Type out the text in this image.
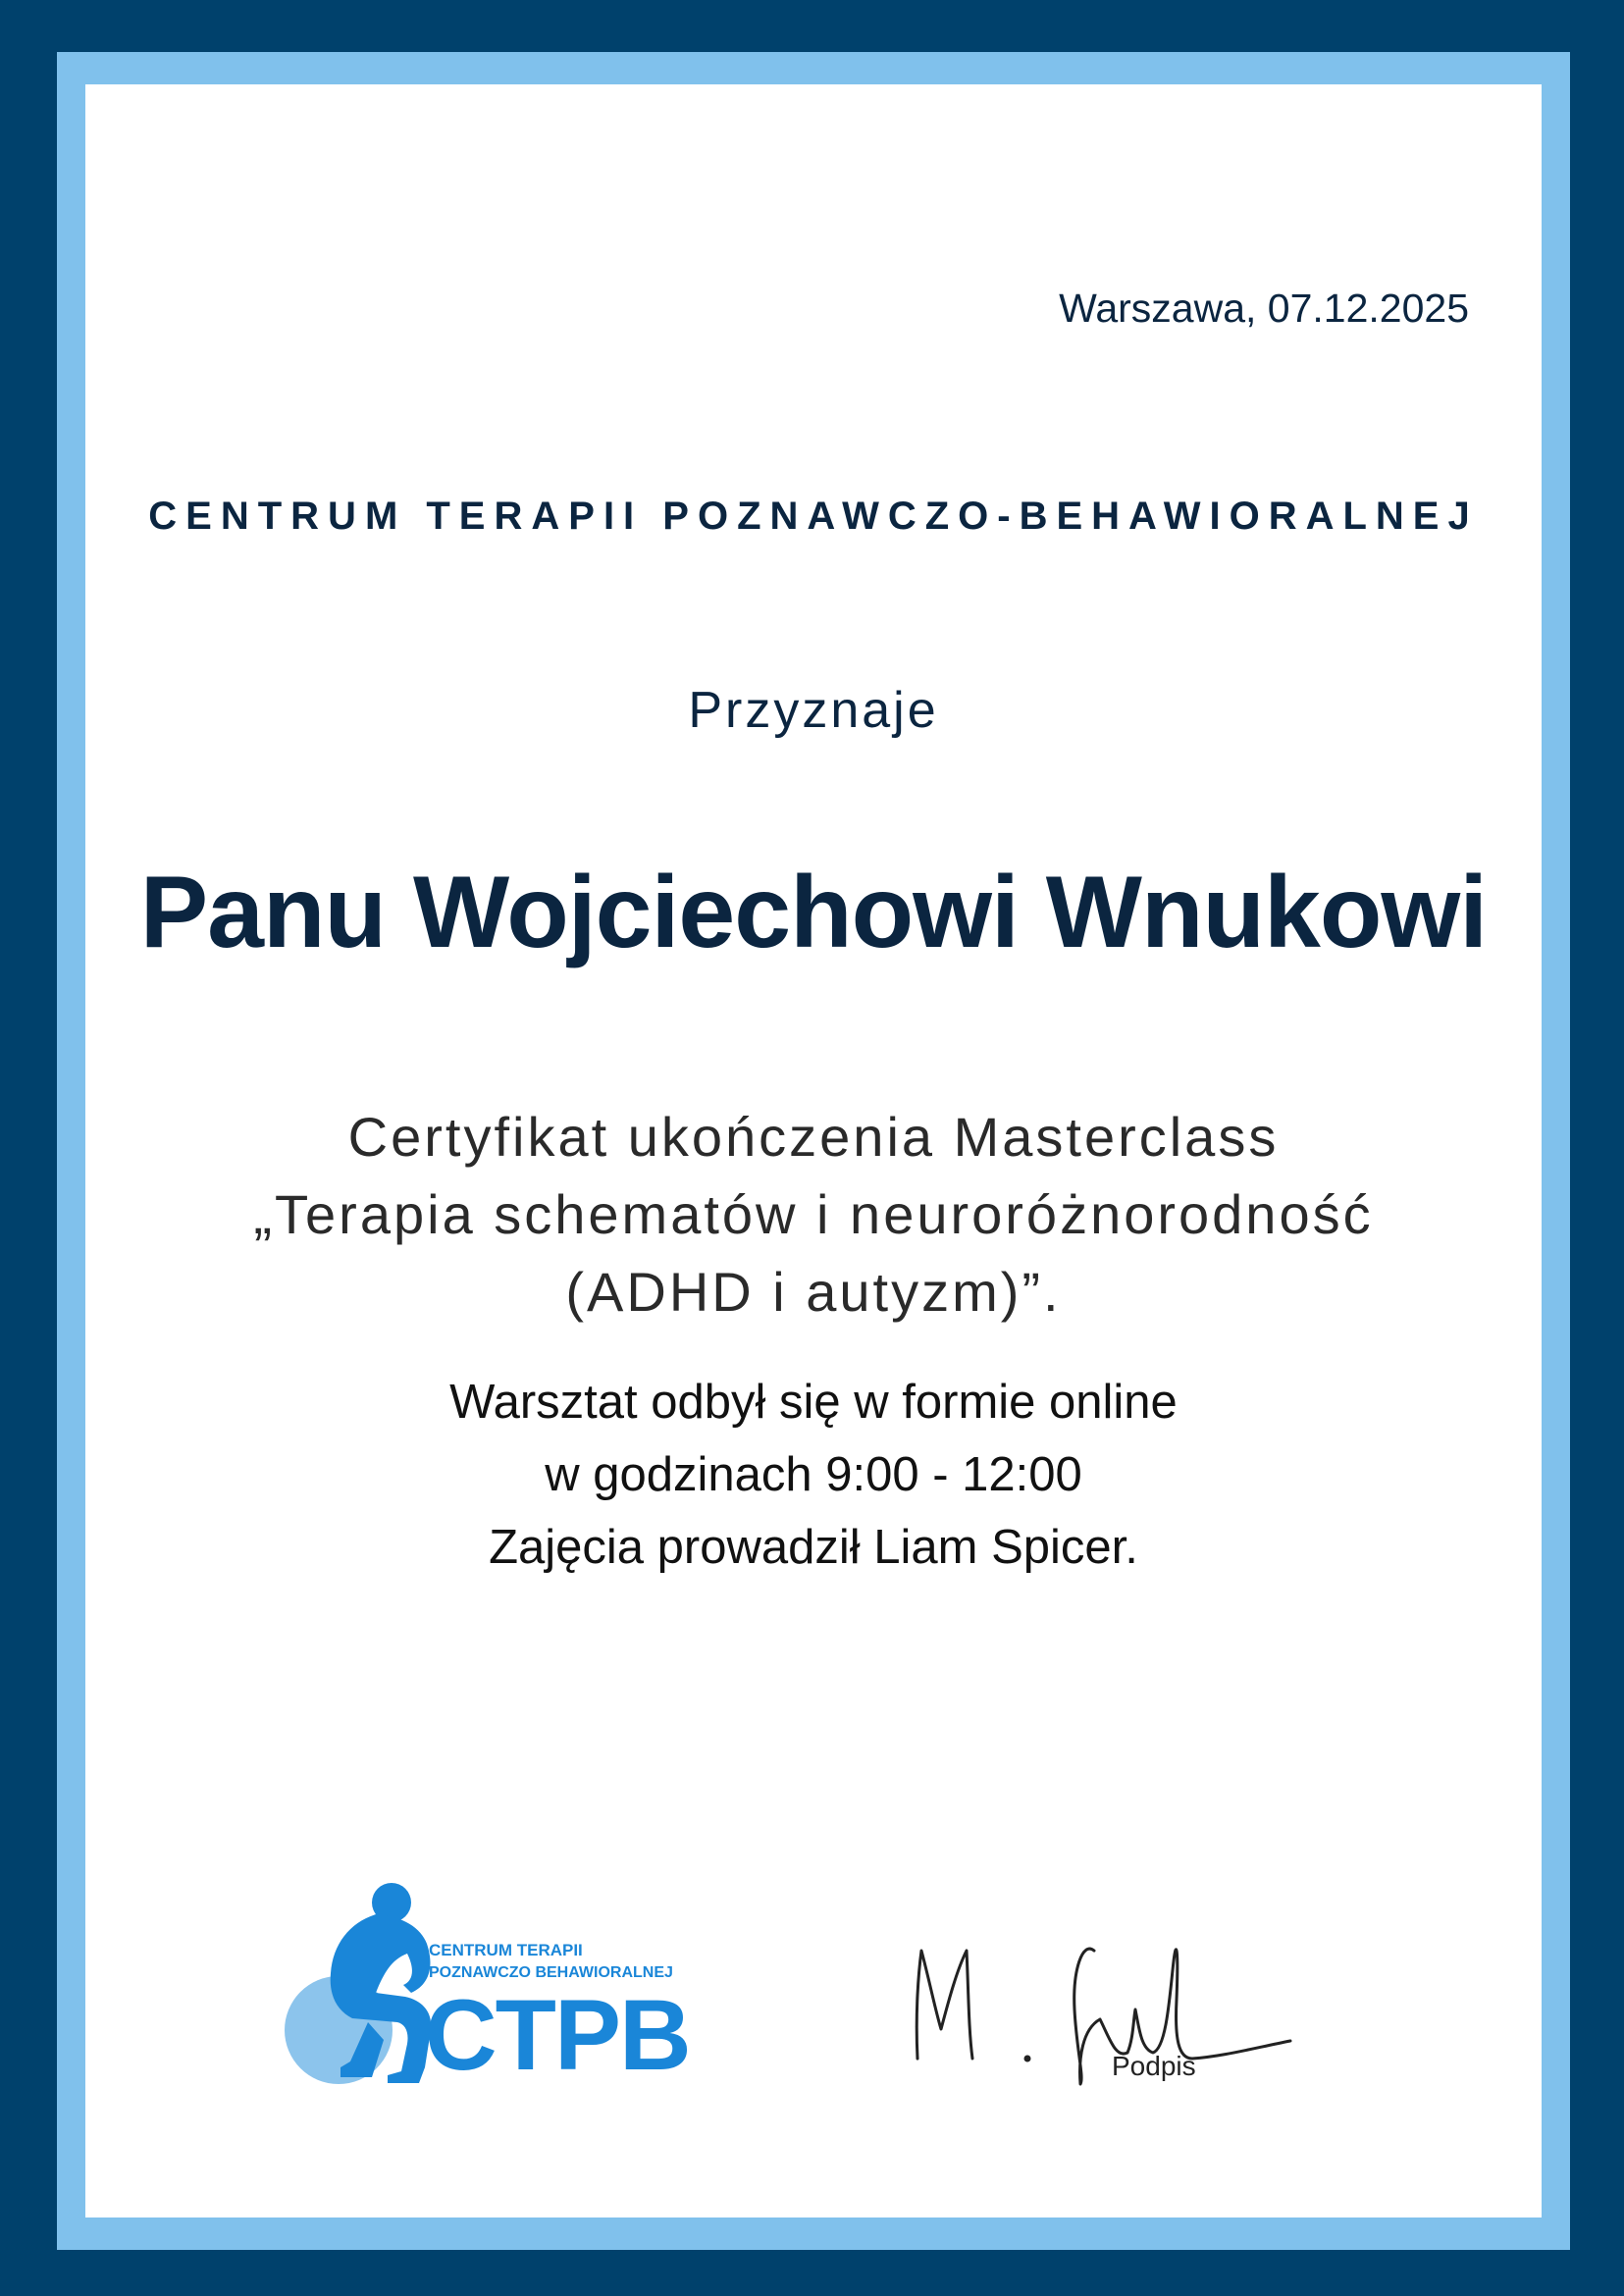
Warszawa, 07.12.2025
CENTRUM TERAPII POZNAWCZO-BEHAWIORALNEJ
Przyznaje
Panu Wojciechowi Wnukowi
Certyfikat ukończenia Masterclass
„Terapia schematów i neuroróżnorodność
(ADHD i autyzm)”.
Warsztat odbył się w formie online
w godzinach 9:00 - 12:00
Zajęcia prowadził Liam Spicer.
CENTRUM TERAPII
POZNAWCZO BEHAWIORALNEJ
CTPB	Podpis
